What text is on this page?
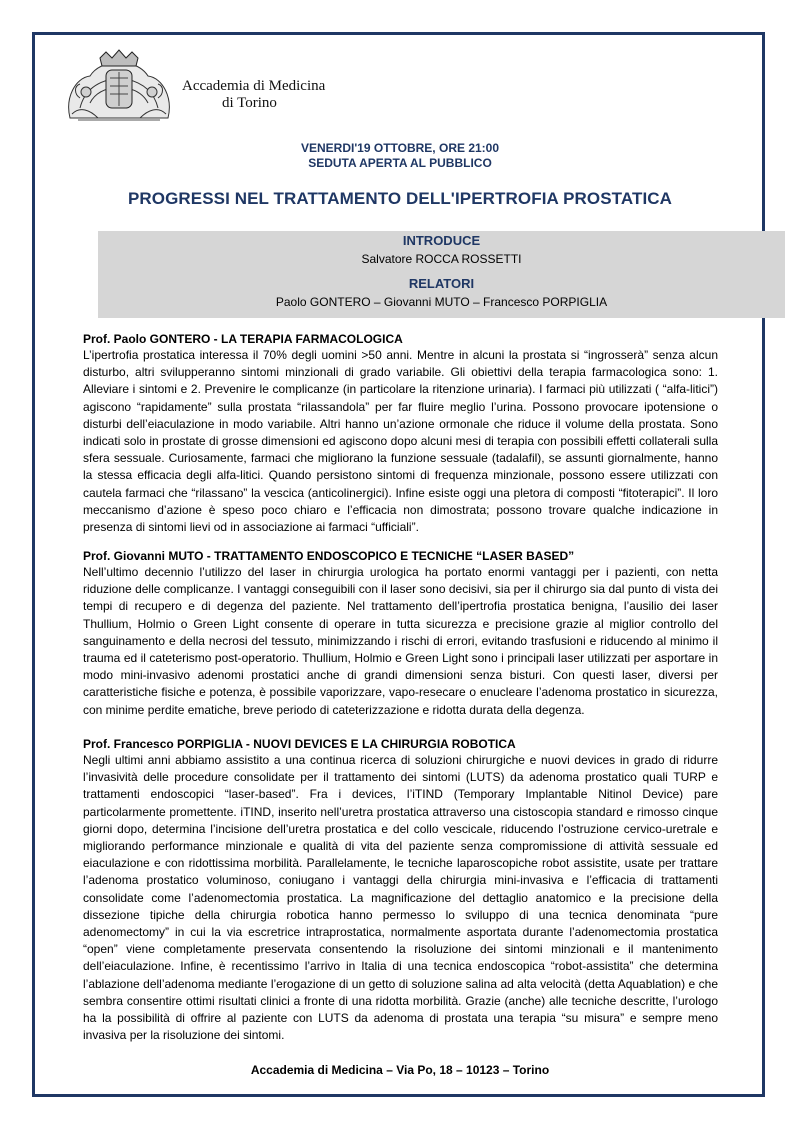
Accademia di Medicina
di Torino
VENERDI'19 OTTOBRE, ORE 21:00
SEDUTA APERTA AL PUBBLICO
PROGRESSI NEL TRATTAMENTO DELL'IPERTROFIA PROSTATICA
INTRODUCE
Salvatore ROCCA ROSSETTI
RELATORI
Paolo GONTERO – Giovanni MUTO – Francesco PORPIGLIA
Prof. Paolo GONTERO - LA TERAPIA FARMACOLOGICA

L’ipertrofia prostatica interessa il 70% degli uomini >50 anni. Mentre in alcuni la prostata si “ingrosserà” senza alcun disturbo, altri svilupperanno sintomi minzionali di grado variabile. Gli obiettivi della terapia farmacologica sono: 1. Alleviare i sintomi e 2. Prevenire le complicanze (in particolare la ritenzione urinaria). I farmaci più utilizzati ( “alfa-litici”) agiscono “rapidamente” sulla prostata “rilassandola” per far fluire meglio l’urina. Possono provocare ipotensione o disturbi dell’eiaculazione in modo variabile. Altri hanno un’azione ormonale che riduce il volume della prostata. Sono indicati solo in prostate di grosse dimensioni ed agiscono dopo alcuni mesi di terapia con possibili effetti collaterali sulla sfera sessuale. Curiosamente, farmaci che migliorano la funzione sessuale (tadalafil), se assunti giornalmente, hanno la stessa efficacia degli alfa-litici. Quando persistono sintomi di frequenza minzionale, possono essere utilizzati con cautela farmaci che “rilassano” la vescica (anticolinergici). Infine esiste oggi una pletora di composti “fitoterapici”. Il loro meccanismo d’azione è speso poco chiaro e l’efficacia non dimostrata; possono trovare qualche indicazione in presenza di sintomi lievi od in associazione ai farmaci “ufficiali”.

Prof. Giovanni MUTO - TRATTAMENTO ENDOSCOPICO E TECNICHE “LASER BASED”

Nell’ultimo decennio l’utilizzo del laser in chirurgia urologica ha portato enormi vantaggi per i pazienti, con netta riduzione delle complicanze. I vantaggi conseguibili con il laser sono decisivi, sia per il chirurgo sia dal punto di vista dei tempi di recupero e di degenza del paziente. Nel trattamento dell’ipertrofia prostatica benigna, l’ausilio dei laser Thullium, Holmio o Green Light consente di operare in tutta sicurezza e precisione grazie al miglior controllo del sanguinamento e della necrosi del tessuto, minimizzando i rischi di errori, evitando trasfusioni e riducendo al minimo il trauma ed il cateterismo post-operatorio. Thullium, Holmio e Green Light sono i principali laser utilizzati per asportare in modo mini-invasivo adenomi prostatici anche di grandi dimensioni senza bisturi. Con questi laser, diversi per caratteristiche fisiche e potenza, è possibile vaporizzare, vapo-resecare o enucleare l’adenoma prostatico in sicurezza, con minime perdite ematiche, breve periodo di cateterizzazione e ridotta durata della degenza.

Prof. Francesco PORPIGLIA - NUOVI DEVICES E LA CHIRURGIA ROBOTICA

Negli ultimi anni abbiamo assistito a una continua ricerca di soluzioni chirurgiche e nuovi devices in grado di ridurre l’invasività delle procedure consolidate per il trattamento dei sintomi (LUTS) da adenoma prostatico quali TURP e trattamenti endoscopici “laser-based”. Fra i devices, l’iTIND (Temporary Implantable Nitinol Device) pare particolarmente promettente. iTIND, inserito nell’uretra prostatica attraverso una cistoscopia standard e rimosso cinque giorni dopo, determina l’incisione dell’uretra prostatica e del collo vescicale, riducendo l’ostruzione cervico-uretrale e migliorando performance minzionale e qualità di vita del paziente senza compromissione di attività sessuale ed eiaculazione e con ridottissima morbilità. Parallelamente, le tecniche laparoscopiche robot assistite, usate per trattare l’adenoma prostatico voluminoso, coniugano i vantaggi della chirurgia mini-invasiva e l’efficacia di trattamenti consolidate come l’adenomectomia prostatica. La magnificazione del dettaglio anatomico e la precisione della dissezione tipiche della chirurgia robotica hanno permesso lo sviluppo di una tecnica denominata “pure adenomectomy” in cui la via escretrice intraprostatica, normalmente asportata durante l’adenomectomia prostatica “open” viene completamente preservata consentendo la risoluzione dei sintomi minzionali e il mantenimento dell’eiaculazione. Infine, è recentissimo l’arrivo in Italia di una tecnica endoscopica “robot-assistita” che determina l’ablazione dell’adenoma mediante l’erogazione di un getto di soluzione salina ad alta velocità (detta Aquablation) e che sembra consentire ottimi risultati clinici a fronte di una ridotta morbilità. Grazie (anche) alle tecniche descritte, l’urologo ha la possibilità di offrire al paziente con LUTS da adenoma di prostata una terapia “su misura” e sempre meno invasiva per la risoluzione dei sintomi.

Accademia di Medicina – Via Po, 18 – 10123 – Torino
